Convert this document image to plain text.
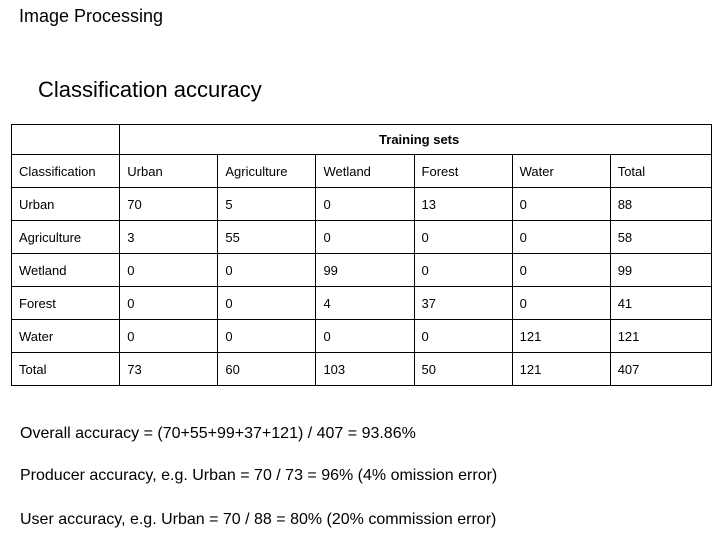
Image Processing
Classification accuracy
	Training sets					
Classification	Urban	Agriculture	Wetland	Forest	Water	Total
Urban	70	5	0	13	0	88
Agriculture	3	55	0	0	0	58
Wetland	0	0	99	0	0	99
Forest	0	0	4	37	0	41
Water	0	0	0	0	121	121
Total	73	60	103	50	121	407
Overall accuracy = (70+55+99+37+121) / 407 = 93.86%
Producer accuracy, e.g. Urban = 70 / 73 = 96% (4% omission error)
User accuracy, e.g. Urban = 70 / 88 = 80% (20% commission error)
